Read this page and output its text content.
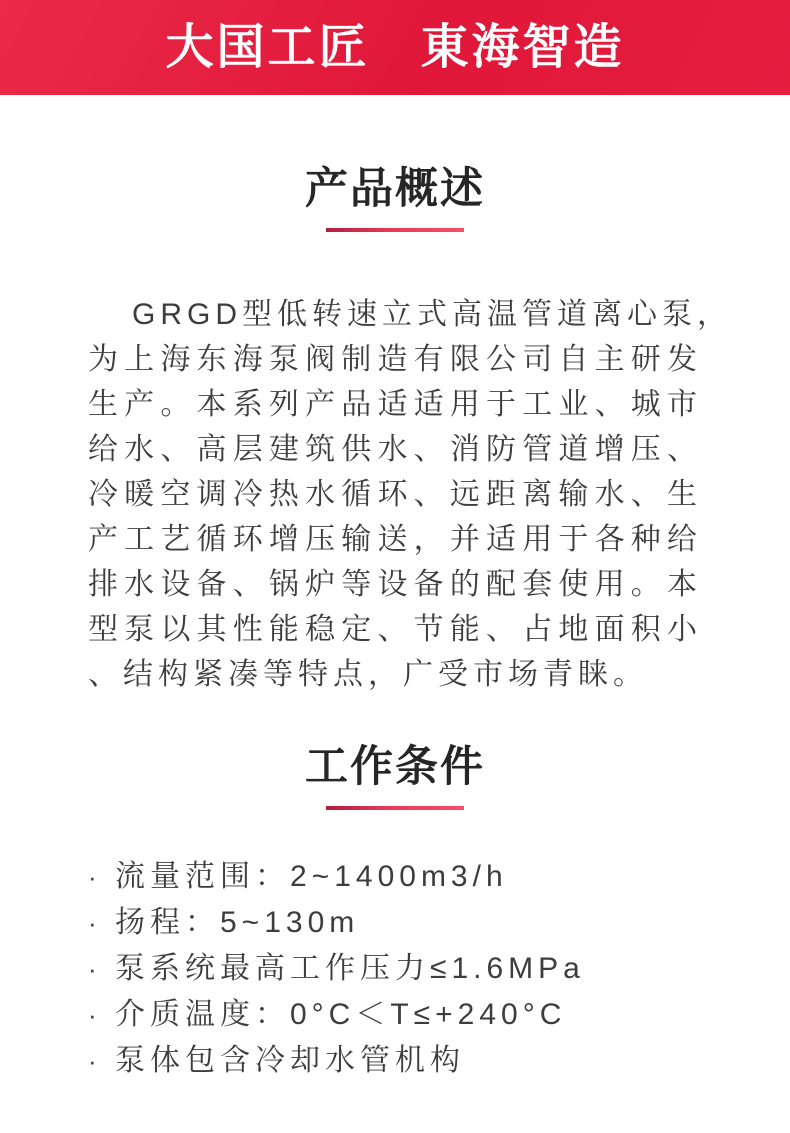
大国工匠　東海智造
产品概述
GRGD型低转速立式高温管道离心泵，
为上海东海泵阀制造有限公司自主研发
生产。本系列产品适适用于工业、城市
给水、高层建筑供水、消防管道增压、
冷暖空调冷热水循环、远距离输水、生
产工艺循环增压输送，并适用于各种给
排水设备、锅炉等设备的配套使用。本
型泵以其性能稳定、节能、占地面积小
、结构紧凑等特点，广受市场青睐。
工作条件
· 流量范围：2~1400m3/h
· 扬程：5~130m
· 泵系统最高工作压力≤1.6MPa
· 介质温度：0°C＜T≤+240°C
· 泵体包含冷却水管机构
